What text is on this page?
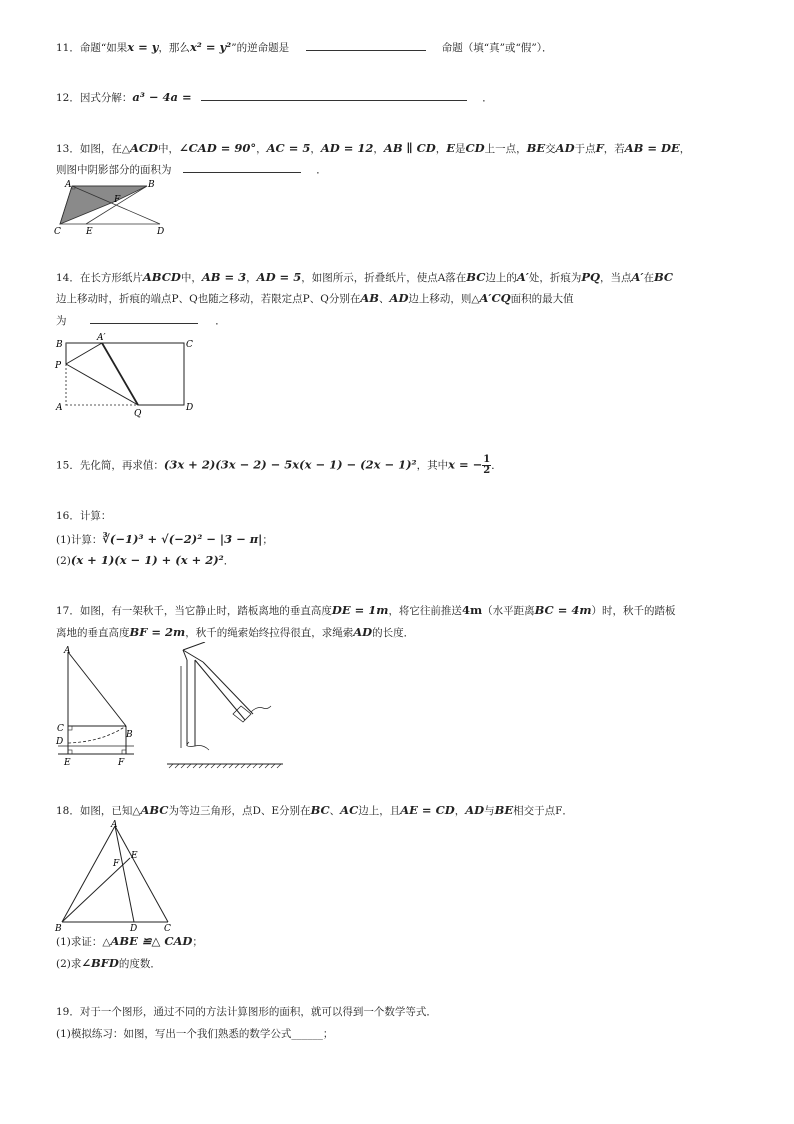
11．命题“如果x = y，那么x² = y²”的逆命题是	命题（填“真”或“假”）．
12．因式分解：a³ − 4a =	．
13．如图，在△ACD中，∠CAD = 90°，AC = 5，AD = 12，AB ∥ CD，E是CD上一点，BE交AD于点F，若AB = DE，
则图中阴影部分的面积为	．
A	B
F
C	E	D
14．在长方形纸片ABCD中，AB = 3，AD = 5，如图所示，折叠纸片，使点A落在BC边上的A′处，折痕为PQ，当点A′在BC
边上移动时，折痕的端点P、Q也随之移动，若限定点P、Q分别在AB、AD边上移动，则△A′CQ面积的最大值
为	．
B
A′
C
P
A
Q
D
15．先化简，再求值：(3x + 2)(3x − 2) − 5x(x − 1) − (2x − 1)²，其中x = − $\frac{1}{2}$ ．
16．计算：
(1)计算：∛(−1)³ + √(−2)² − |3 − π|；
(2)(x + 1)(x − 1) + (x + 2)²．
17．如图，有一架秋千，当它静止时，踏板离地的垂直高度DE = 1m，将它往前推送4m（水平距离BC = 4m）时，秋千的踏板
离地的垂直高度BF = 2m，秋千的绳索始终拉得很直，求绳索AD的长度．
A
C
B
D
E	F
18．如图，已知△ABC为等边三角形，点D、E分别在BC、AC边上，且AE = CD，AD与BE相交于点F．
A
E
F
B	D	C
(1)求证：△ABE ≌△ CAD；
(2)求∠BFD的度数．
19．对于一个图形，通过不同的方法计算图形的面积，就可以得到一个数学等式．
(1)模拟练习：如图，写出一个我们熟悉的数学公式______；
